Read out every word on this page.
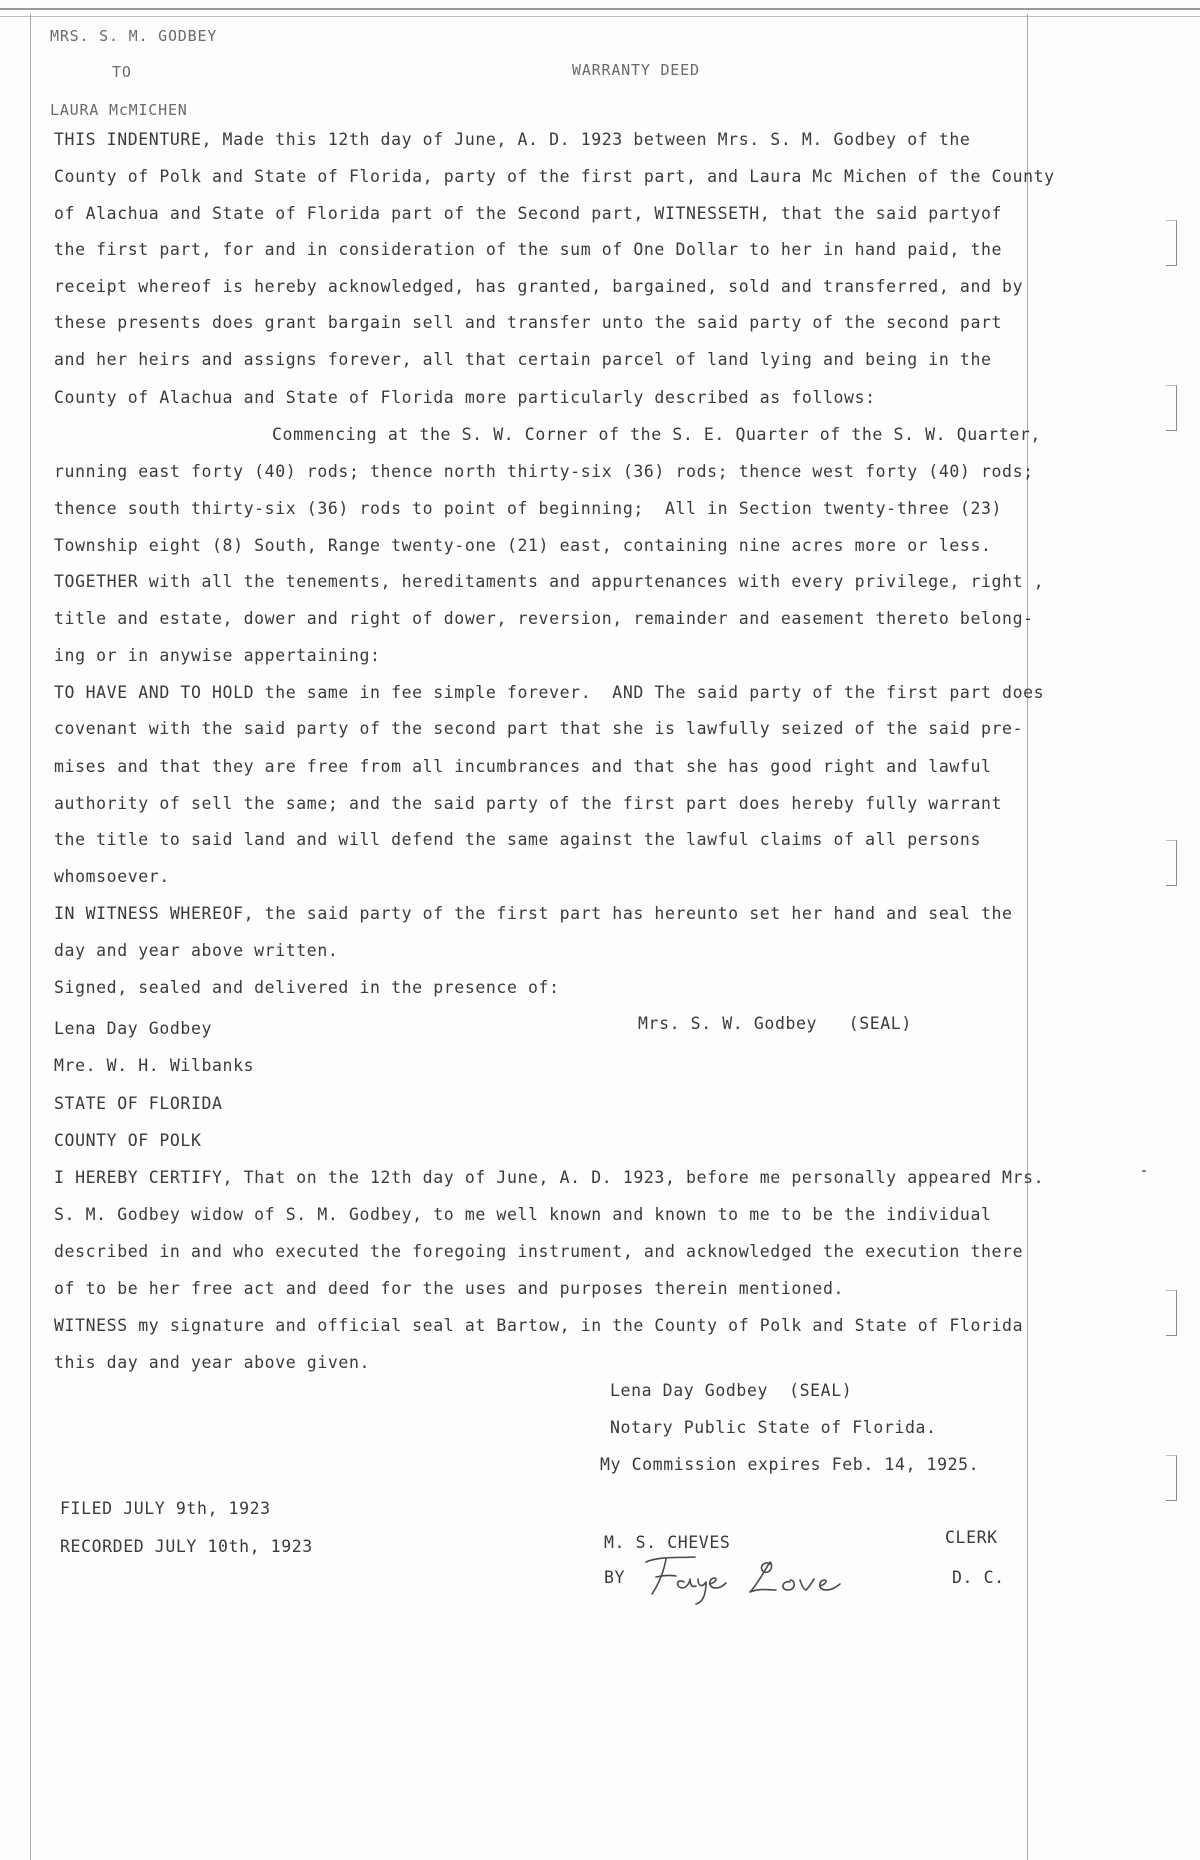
MRS. S. M. GODBEY
TO	WARRANTY DEED
LAURA McMICHEN
THIS INDENTURE, Made this 12th day of June, A. D. 1923 between Mrs. S. M. Godbey of the
County of Polk and State of Florida, party of the first part, and Laura Mc Michen of the County
of Alachua and State of Florida part of the Second part, WITNESSETH, that the said partyof
the first part, for and in consideration of the sum of One Dollar to her in hand paid, the
receipt whereof is hereby acknowledged, has granted, bargained, sold and transferred, and by
these presents does grant bargain sell and transfer unto the said party of the second part
and her heirs and assigns forever, all that certain parcel of land lying and being in the
County of Alachua and State of Florida more particularly described as follows:
Commencing at the S. W. Corner of the S. E. Quarter of the S. W. Quarter,
running east forty (40) rods; thence north thirty-six (36) rods; thence west forty (40) rods;
thence south thirty-six (36) rods to point of beginning;  All in Section twenty-three (23)
Township eight (8) South, Range twenty-one (21) east, containing nine acres more or less.
TOGETHER with all the tenements, hereditaments and appurtenances with every privilege, right ,
title and estate, dower and right of dower, reversion, remainder and easement thereto belong-
ing or in anywise appertaining:
TO HAVE AND TO HOLD the same in fee simple forever.  AND The said party of the first part does
covenant with the said party of the second part that she is lawfully seized of the said pre-
mises and that they are free from all incumbrances and that she has good right and lawful
authority of sell the same; and the said party of the first part does hereby fully warrant
the title to said land and will defend the same against the lawful claims of all persons
whomsoever.
IN WITNESS WHEREOF, the said party of the first part has hereunto set her hand and seal the
day and year above written.
Signed, sealed and delivered in the presence of:
Lena Day Godbey
Mre. W. H. Wilbanks
Mrs. S. W. Godbey   (SEAL)
STATE OF FLORIDA
COUNTY OF POLK
I HEREBY CERTIFY, That on the 12th day of June, A. D. 1923, before me personally appeared Mrs.
S. M. Godbey widow of S. M. Godbey, to me well known and known to me to be the individual
described in and who executed the foregoing instrument, and acknowledged the execution there
of to be her free act and deed for the uses and purposes therein mentioned.
WITNESS my signature and official seal at Bartow, in the County of Polk and State of Florida
this day and year above given.
Lena Day Godbey  (SEAL)
Notary Public State of Florida.
My Commission expires Feb. 14, 1925.
FILED JULY 9th, 1923
RECORDED JULY 10th, 1923	M. S. CHEVES	CLERK
BY	D. C.
